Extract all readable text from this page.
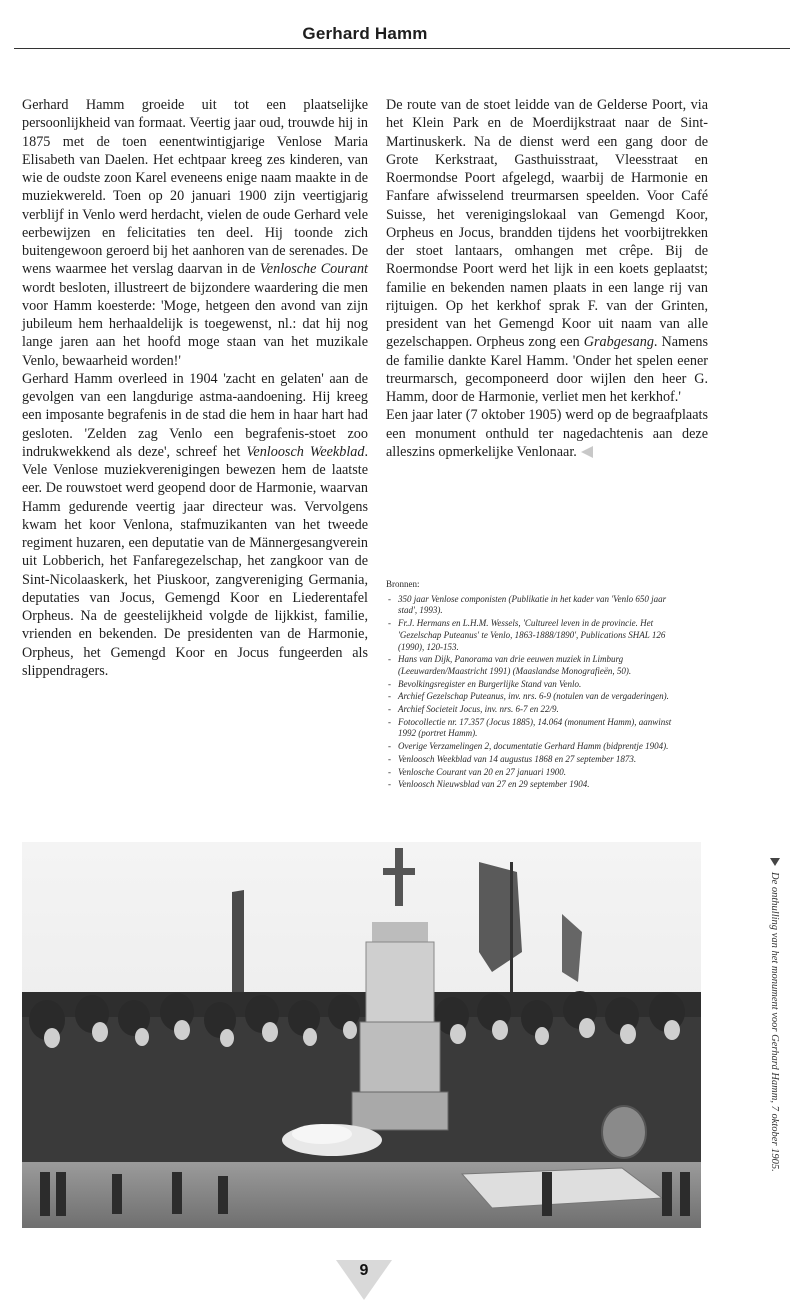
Gerhard Hamm

Gerhard Hamm groeide uit tot een plaatselijke persoonlijkheid van formaat. Veertig jaar oud, trouwde hij in 1875 met de toen eenentwintigjarige Venlose Maria Elisabeth van Daelen. Het echtpaar kreeg zes kinderen, van wie de oudste zoon Karel eveneens enige naam maakte in de muziekwereld. Toen op 20 januari 1900 zijn veertigjarig verblijf in Venlo werd herdacht, vielen de oude Gerhard vele eerbewijzen en felicitaties ten deel. Hij toonde zich buitengewoon geroerd bij het aanhoren van de serenades. De wens waarmee het verslag daarvan in de Venlosche Courant wordt besloten, illustreert de bijzondere waardering die men voor Hamm koesterde: 'Moge, hetgeen den avond van zijn jubileum hem herhaaldelijk is toegewenst, nl.: dat hij nog lange jaren aan het hoofd moge staan van het muzikale Venlo, bewaarheid worden!'

Gerhard Hamm overleed in 1904 'zacht en gelaten' aan de gevolgen van een langdurige astma-aandoening. Hij kreeg een imposante begrafenis in de stad die hem in haar hart had gesloten. 'Zelden zag Venlo een begrafenis-stoet zoo indrukwekkend als deze', schreef het Venloosch Weekblad. Vele Venlose muziekverenigingen bewezen hem de laatste eer. De rouwstoet werd geopend door de Harmonie, waarvan Hamm gedurende veertig jaar directeur was. Vervolgens kwam het koor Venlona, stafmuzikanten van het tweede regiment huzaren, een deputatie van de Männergesangverein uit Lobberich, het Fanfaregezelschap, het zangkoor van de Sint-Nicolaaskerk, het Piuskoor, zangvereniging Germania, deputaties van Jocus, Gemengd Koor en Liederentafel Orpheus. Na de geestelijkheid volgde de lijkkist, familie, vrienden en bekenden. De presidenten van de Harmonie, Orpheus, het Gemengd Koor en Jocus fungeerden als slippendragers.

De route van de stoet leidde van de Gelderse Poort, via het Klein Park en de Moerdijkstraat naar de Sint-Martinuskerk. Na de dienst werd een gang door de Grote Kerkstraat, Gasthuisstraat, Vleesstraat en Roermondse Poort afgelegd, waarbij de Harmonie en Fanfare afwisselend treurmarsen speelden. Voor Café Suisse, het verenigingslokaal van Gemengd Koor, Orpheus en Jocus, brandden tijdens het voorbijtrekken der stoet lantaars, omhangen met crêpe. Bij de Roermondse Poort werd het lijk in een koets geplaatst; familie en bekenden namen plaats in een lange rij van rijtuigen. Op het kerkhof sprak F. van der Grinten, president van het Gemengd Koor uit naam van alle gezelschappen. Orpheus zong een Grabgesang. Namens de familie dankte Karel Hamm. 'Onder het spelen eener treurmarsch, gecomponeerd door wijlen den heer G. Hamm, door de Harmonie, verliet men het kerkhof.'

Een jaar later (7 oktober 1905) werd op de begraafplaats een monument onthuld ter nagedachtenis aan deze alleszins opmerkelijke Venlonaar.

Bronnen:

- 350 jaar Venlose componisten (Publikatie in het kader van 'Venlo 650 jaar stad', 1993).
- Fr.J. Hermans en L.H.M. Wessels, 'Cultureel leven in de provincie. Het 'Gezelschap Puteanus' te Venlo, 1863-1888/1890', Publications SHAL 126 (1990), 120-153.
- Hans van Dijk, Panorama van drie eeuwen muziek in Limburg (Leeuwarden/Maastricht 1991) (Maaslandse Monografieën, 50).
- Bevolkingsregister en Burgerlijke Stand van Venlo.
- Archief Gezelschap Puteanus, inv. nrs. 6-9 (notulen van de vergaderingen).
- Archief Societeit Jocus, inv. nrs. 6-7 en 22/9.
- Fotocollectie nr. 17.357 (Jocus 1885), 14.064 (monument Hamm), aanwinst 1992 (portret Hamm).
- Overige Verzamelingen 2, documentatie Gerhard Hamm (bidprentje 1904).
- Venloosch Weekblad van 14 augustus 1868 en 27 september 1873.
- Venlosche Courant van 20 en 27 januari 1900.
- Venloosch Nieuwsblad van 27 en 29 september 1904.
De onthulling van het monument voor Gerhard Hamm, 7 oktober 1905.
9
